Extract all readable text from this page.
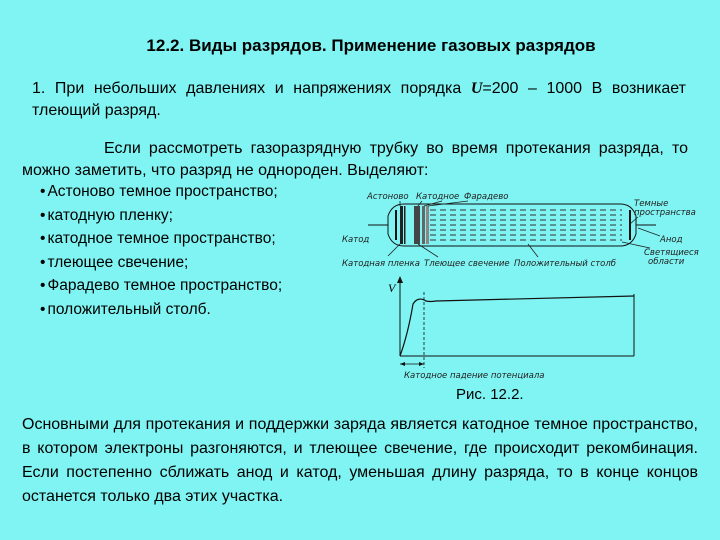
12.2. Виды разрядов. Применение газовых разрядов
1. При небольших давлениях и напряжениях порядка U=200 – 1000 В возникает тлеющий разряд.
Если рассмотреть газоразрядную трубку во время протекания разряда, то можно заметить, что разряд не однороден. Выделяют:
• Астоново темное пространство;
• катодную пленку;
• катодное темное пространство;
• тлеющее свечение;
• Фарадево темное пространство;
• положительный столб.
Астоново Катодное Фарадево
Темные
пространства
Катод	Анод
Катодная пленка Тлеющее свечение Положительный столб
Светящиеся
области
V
Катодное падение потенциала
Рис. 12.2.
Основными для протекания и поддержки заряда является катодное темное пространство, в котором электроны разгоняются, и тлеющее свечение, где происходит рекомбинация. Если постепенно сближать анод и катод, уменьшая длину разряда, то в конце концов останется только два этих участка.
